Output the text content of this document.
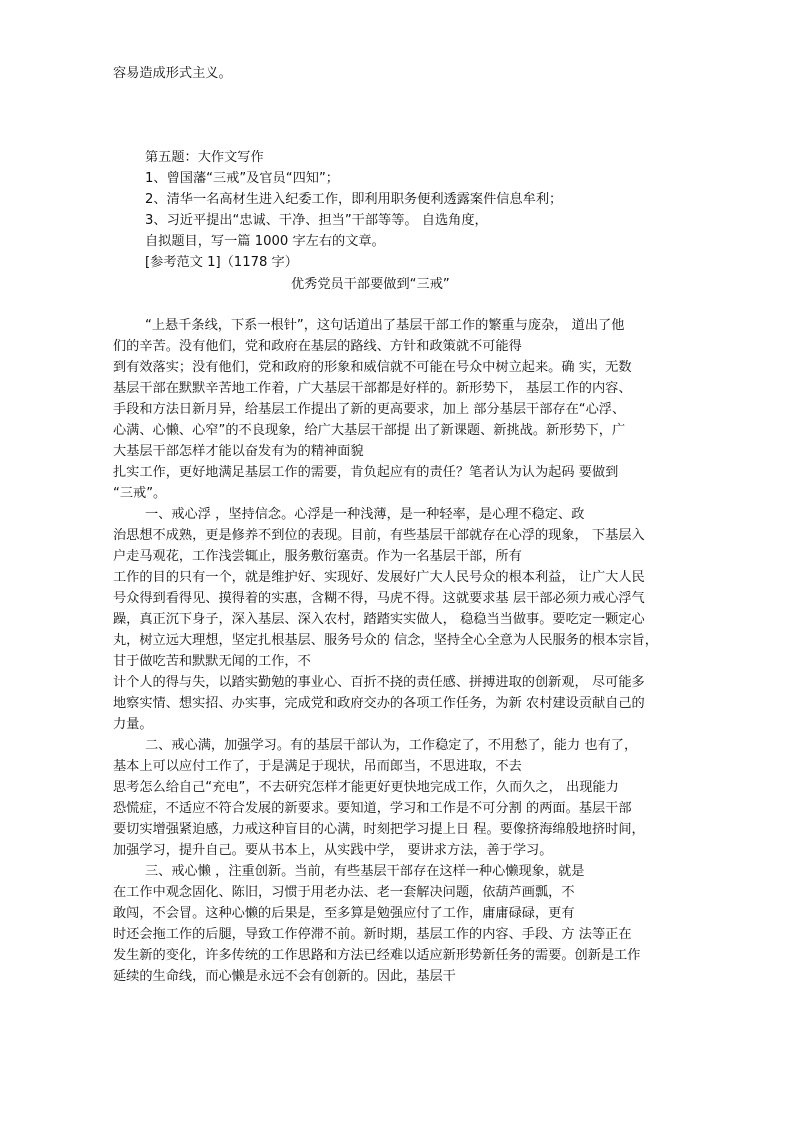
容易造成形式主义。
第五题：大作文写作
1、曾国藩“三戒”及官员“四知”；
2、清华一名高材生进入纪委工作，即利用职务便利透露案件信息牟利；
3、习近平提出“忠诚、干净、担当”干部等等。 自选角度，
自拟题目，写一篇 1000 字左右的文章。
[参考范文 1]（1178 字）
优秀党员干部要做到“三戒”
“上悬千条线，下系一根针”，这句话道出了基层干部工作的繁重与庞杂， 道出了他
们的辛苦。没有他们，党和政府在基层的路线、方针和政策就不可能得
到有效落实；没有他们，党和政府的形象和威信就不可能在号众中树立起来。确 实，无数
基层干部在默默辛苦地工作着，广大基层干部都是好样的。新形势下， 基层工作的内容、
手段和方法日新月异，给基层工作提出了新的更高要求，加上 部分基层干部存在“心浮、
心满、心懒、心窄”的不良现象，给广大基层干部提 出了新课题、新挑战。新形势下，广
大基层干部怎样才能以奋发有为的精神面貌
扎实工作，更好地满足基层工作的需要，肯负起应有的责任？笔者认为认为起码 要做到
“三戒”。
一、戒心浮 ，坚持信念。心浮是一种浅薄，是一种轻率，是心理不稳定、政
治思想不成熟，更是修养不到位的表现。目前，有些基层干部就存在心浮的现象， 下基层入
户走马观花，工作浅尝辄止，服务敷衍塞责。作为一名基层干部，所有
工作的目的只有一个，就是维护好、实现好、发展好广大人民号众的根本利益， 让广大人民
号众得到看得见、摸得着的实惠，含糊不得，马虎不得。这就要求基 层干部必须力戒心浮气
躁，真正沉下身子，深入基层、深入农村，踏踏实实做人， 稳稳当当做事。要吃定一颗定心
丸，树立远大理想，坚定扎根基层、服务号众的 信念，坚持全心全意为人民服务的根本宗旨，
甘于做吃苦和默默无闻的工作，不
计个人的得与失，以踏实勤勉的事业心、百折不挠的责任感、拼搏进取的创新观， 尽可能多
地察实情、想实招、办实事，完成党和政府交办的各项工作任务，为新 农村建设贡献自己的
力量。
二、戒心满，加强学习。有的基层干部认为，工作稳定了，不用愁了，能力 也有了，
基本上可以应付工作了，于是满足于现状，吊而郎当，不思进取，不去
思考怎么给自己“充电”，不去研究怎样才能更好更快地完成工作，久而久之， 出现能力
恐慌症，不适应不符合发展的新要求。要知道，学习和工作是不可分割 的两面。基层干部
要切实增强紧迫感，力戒这种盲目的心满，时刻把学习提上日 程。要像挤海绵般地挤时间，
加强学习，提升自己。要从书本上，从实践中学， 要讲求方法，善于学习。
三、戒心懒 ，注重创新。当前，有些基层干部存在这样一种心懒现象，就是
在工作中观念固化、陈旧，习惯于用老办法、老一套解决问题，依葫芦画瓢，不
敢闯，不会冒。这种心懒的后果是，至多算是勉强应付了工作，庸庸碌碌，更有
时还会拖工作的后腿，导致工作停滞不前。新时期，基层工作的内容、手段、方 法等正在
发生新的变化，许多传统的工作思路和方法已经难以适应新形势新任务的需要。创新是工作
延续的生命线，而心懒是永远不会有创新的。因此，基层干
